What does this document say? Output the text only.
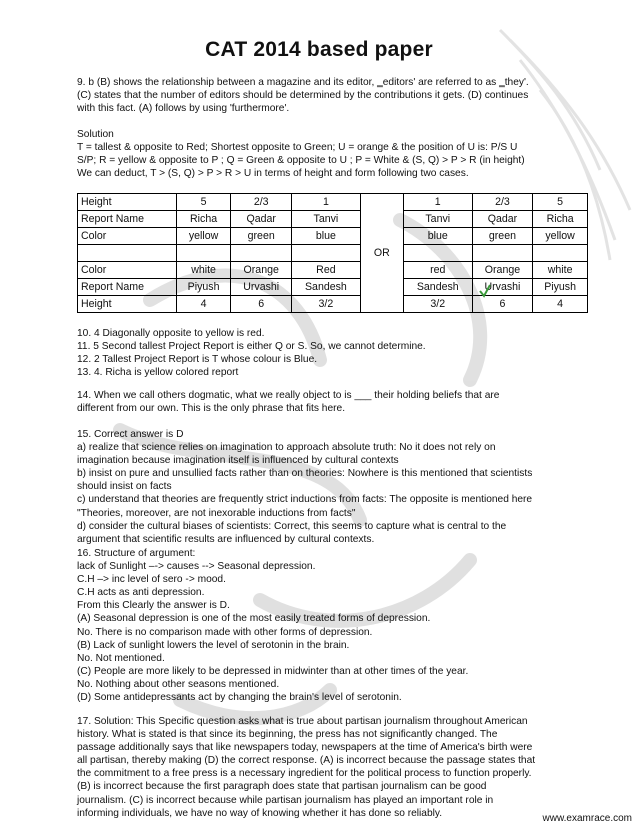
CAT 2014 based paper
9. b (B) shows the relationship between a magazine and its editor, ‗editors' are referred to as ‗they'.
(C) states that the number of editors should be determined by the contributions it gets. (D) continues
with this fact. (A) follows by using 'furthermore'.
Solution
T = tallest & opposite to Red; Shortest opposite to Green; U = orange & the position of U is: P/S U
S/P; R = yellow & opposite to P ; Q = Green & opposite to U ; P = White & (S, Q) > P > R (in height)
We can deduct, T > (S, Q) > P > R > U in terms of height and form following two cases.
Height	5	2/3	1	OR	1	2/3	5
Report Name	Richa	Qadar	Tanvi		Tanvi	Qadar	Richa
Color	yellow	green	blue		blue	green	yellow

Color	white	Orange	Red		red	Orange	white
Report Name	Piyush	Urvashi	Sandesh		Sandesh	Urvashi	Piyush
Height	4	6	3/2		3/2	6	4
10. 4 Diagonally opposite to yellow is red.
11. 5 Second tallest Project Report is either Q or S. So, we cannot determine.
12. 2 Tallest Project Report is T whose colour is Blue.
13. 4. Richa is yellow colored report
14. When we call others dogmatic, what we really object to is ___ their holding beliefs that are
different from our own. This is the only phrase that fits here.
15. Correct answer is D
a) realize that science relies on imagination to approach absolute truth: No it does not rely on
imagination because imagination itself is influenced by cultural contexts
b) insist on pure and unsullied facts rather than on theories: Nowhere is this mentioned that scientists
should insist on facts
c) understand that theories are frequently strict inductions from facts: The opposite is mentioned here
"Theories, moreover, are not inexorable inductions from facts"
d) consider the cultural biases of scientists: Correct, this seems to capture what is central to the
argument that scientific results are influenced by cultural contexts.
16. Structure of argument:
lack of Sunlight –-> causes --> Seasonal depression.
C.H –> inc level of sero -> mood.
C.H acts as anti depression.
From this Clearly the answer is D.
(A) Seasonal depression is one of the most easily treated forms of depression.
No. There is no comparison made with other forms of depression.
(B) Lack of sunlight lowers the level of serotonin in the brain.
No. Not mentioned.
(C) People are more likely to be depressed in midwinter than at other times of the year.
No. Nothing about other seasons mentioned.
(D) Some antidepressants act by changing the brain's level of serotonin.
17. Solution: This Specific question asks what is true about partisan journalism throughout American
history. What is stated is that since its beginning, the press has not significantly changed. The
passage additionally says that like newspapers today, newspapers at the time of America's birth were
all partisan, thereby making (D) the correct response. (A) is incorrect because the passage states that
the commitment to a free press is a necessary ingredient for the political process to function properly.
(B) is incorrect because the first paragraph does state that partisan journalism can be good
journalism. (C) is incorrect because while partisan journalism has played an important role in
informing individuals, we have no way of knowing whether it has done so reliably.	www.examrace.com
